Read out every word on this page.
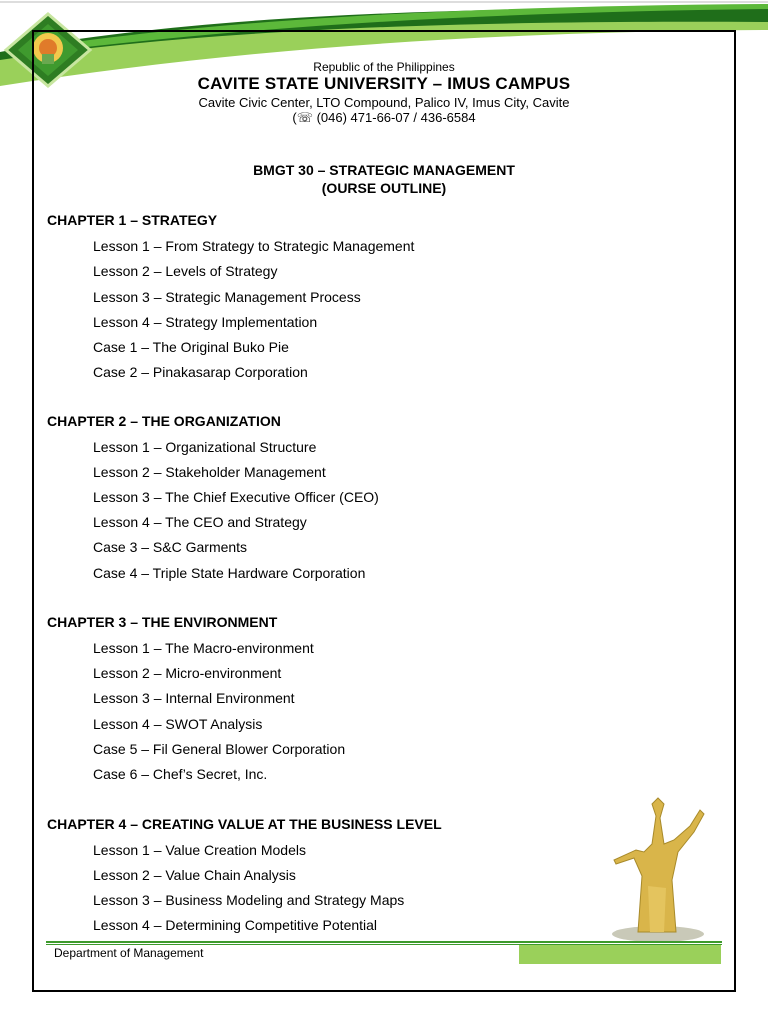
Republic of the Philippines
CAVITE STATE UNIVERSITY – IMUS CAMPUS
Cavite Civic Center, LTO Compound, Palico IV, Imus City, Cavite
(☏ (046) 471-66-07 / 436-6584
BMGT 30 – STRATEGIC MANAGEMENT
(OURSE OUTLINE)
CHAPTER 1 – STRATEGY

Lesson 1 – From Strategy to Strategic Management

Lesson 2 – Levels of Strategy

Lesson 3 – Strategic Management Process

Lesson 4 – Strategy Implementation

Case 1 – The Original Buko Pie

Case 2 – Pinakasarap Corporation

CHAPTER 2 – THE ORGANIZATION

Lesson 1 – Organizational Structure

Lesson 2 – Stakeholder Management

Lesson 3 – The Chief Executive Officer (CEO)

Lesson 4 – The CEO and Strategy

Case 3 – S&C Garments

Case 4 – Triple State Hardware Corporation

CHAPTER 3 – THE ENVIRONMENT

Lesson 1 – The Macro-environment

Lesson 2 – Micro-environment

Lesson 3 – Internal Environment

Lesson 4 – SWOT Analysis

Case 5 – Fil General Blower Corporation

Case 6 – Chef’s Secret, Inc.

CHAPTER 4 – CREATING VALUE AT THE BUSINESS LEVEL

Lesson 1 – Value Creation Models

Lesson 2 – Value Chain Analysis

Lesson 3 – Business Modeling and Strategy Maps

Lesson 4 – Determining Competitive Potential

Department of Management
